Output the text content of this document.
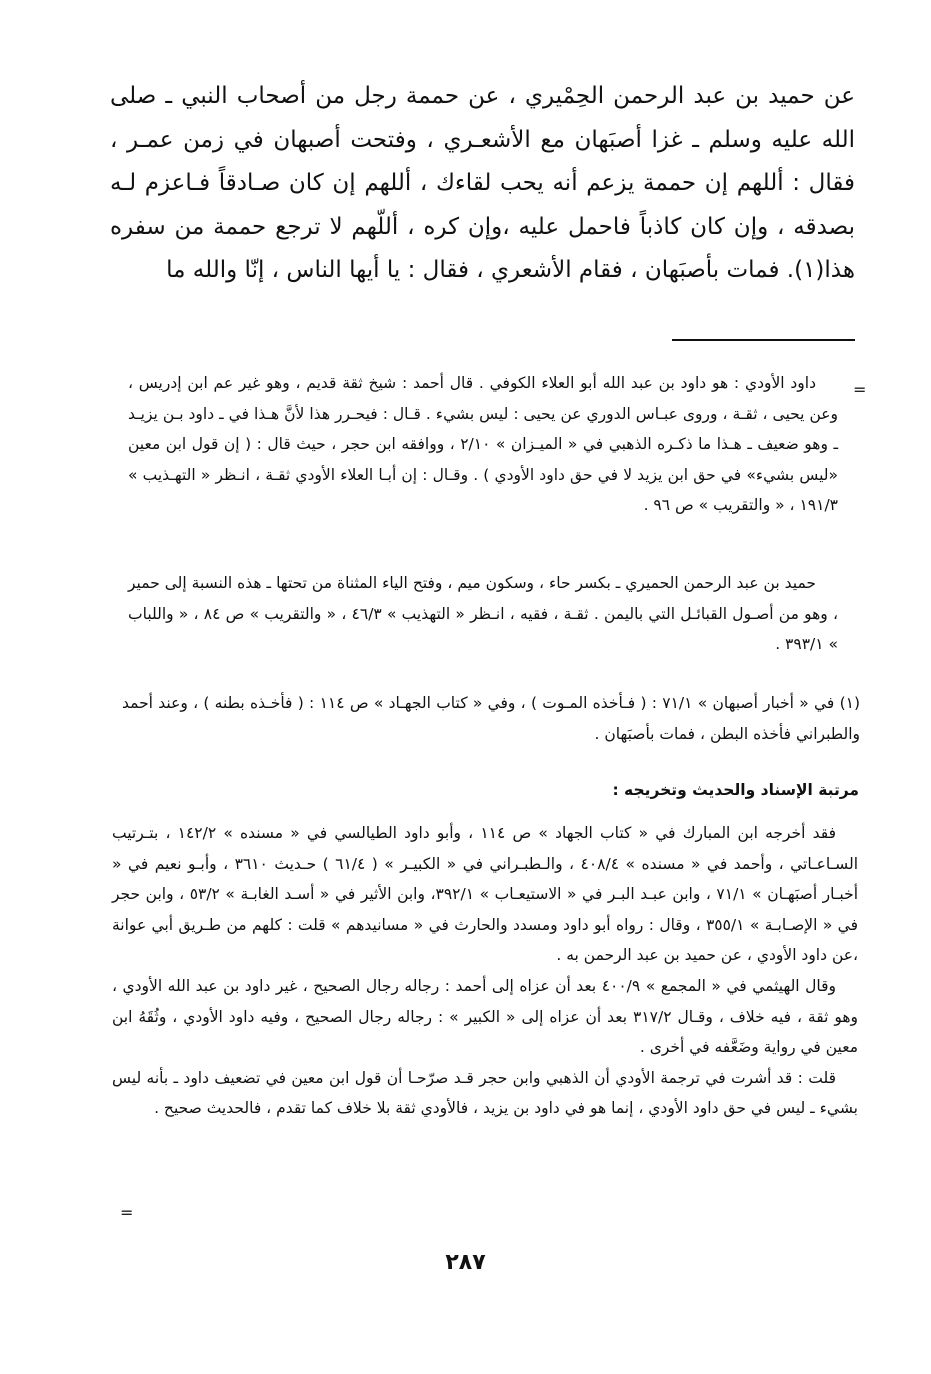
عن حميد بن عبد الرحمن الحِمْيري ، عن حممة رجل من أصحاب النبي ـ صلى الله عليه وسلم ـ غزا أصبَهان مع الأشعـري ، وفتحت أصبهان في زمن عمـر ، فقال : أللهم إن حممة يزعم أنه يحب لقاءك ، أللهم إن كان صـادقاً فـاعزم لـه بصدقه ، وإن كان كاذباً فاحمل عليه ،وإن كره ، أللّهم لا ترجع حممة من سفره هذا(١). فمات بأصبَهان ، فقام الأشعري ، فقال : يا أيها الناس ، إنّا والله ما

=

داود الأودي : هو داود بن عبد الله أبو العلاء الكوفي . قال أحمد : شيخ ثقة قديم ، وهو غير عم ابن إدريس ، وعن يحيى ، ثقـة ، وروى عبـاس الدوري عن يحيى : ليس بشيء . قـال : فيحـرر هذا لأنَّ هـذا في ـ داود بـن يزيـد ـ وهو ضعيف ـ هـذا ما ذكـره الذهبي في « الميـزان » ٢/١٠ ، ووافقه ابن حجر ، حيث قال : ( إن قول ابن معين «ليس بشيء» في حق ابن يزيد لا في حق داود الأودي ) . وقـال : إن أبـا العلاء الأودي ثقـة ، انـظر « التهـذيب » ١٩١/٣ ، « والتقريب » ص ٩٦ .

حميد بن عبد الرحمن الحميري ـ بكسر حاء ، وسكون ميم ، وفتح الياء المثناة من تحتها ـ هذه النسبة إلى حمير ، وهو من أصـول القبائـل التي باليمن . ثقـة ، فقيه ، انـظر « التهذيب » ٤٦/٣ ، « والتقريب » ص ٨٤ ، « واللباب » ٣٩٣/١ .

(١) في « أخبار أصبهان » ٧١/١ : ( فـأخذه المـوت ) ، وفي « كتاب الجهـاد » ص ١١٤ : ( فأخـذه بطنه ) ، وعند أحمد والطبراني فأخذه البطن ، فمات بأصبَهان .

مرتبة الإسناد والحديث وتخريجه :

فقد أخرجه ابن المبارك في « كتاب الجهاد » ص ١١٤ ، وأبو داود الطيالسي في « مسنده » ١٤٢/٢ ، بتـرتيب السـاعـاتي ، وأحمد في « مسنده » ٤٠٨/٤ ، والـطبـراني في « الكبيـر » ( ٦١/٤ ) حـديث ٣٦١٠ ، وأبـو نعيم في « أخبـار أصبَهـان » ٧١/١ ، وابن عبـد البـر في « الاستيعـاب » ٣٩٢/١، وابن الأثير في « أسـد الغابـة » ٥٣/٢ ، وابن حجر في « الإصـابـة » ٣٥٥/١ ، وقال : رواه أبو داود ومسدد والحارث في « مسانيدهم » قلت : كلهم من طـريق أبي عوانة ،عن داود الأودي ، عن حميد بن عبد الرحمن به .

وقال الهيثمي في « المجمع » ٤٠٠/٩ بعد أن عزاه إلى أحمد : رجاله رجال الصحيح ، غير داود بن عبد الله الأودي ، وهو ثقة ، فيه خلاف ، وقـال ٣١٧/٢ بعد أن عزاه إلى « الكبير » : رجاله رجال الصحيح ، وفيه داود الأودي ، وثُقَهُ ابن معين في رواية وضَعَّفه في أخرى .

قلت : قد أشرت في ترجمة الأودي أن الذهبي وابن حجر قـد صرّحـا أن قول ابن معين في تضعيف داود ـ بأنه ليس بشيء ـ ليس في حق داود الأودي ، إنما هو في داود بن يزيد ، فالأودي ثقة بلا خلاف كما تقدم ، فالحديث صحيح .

=
٢٨٧
